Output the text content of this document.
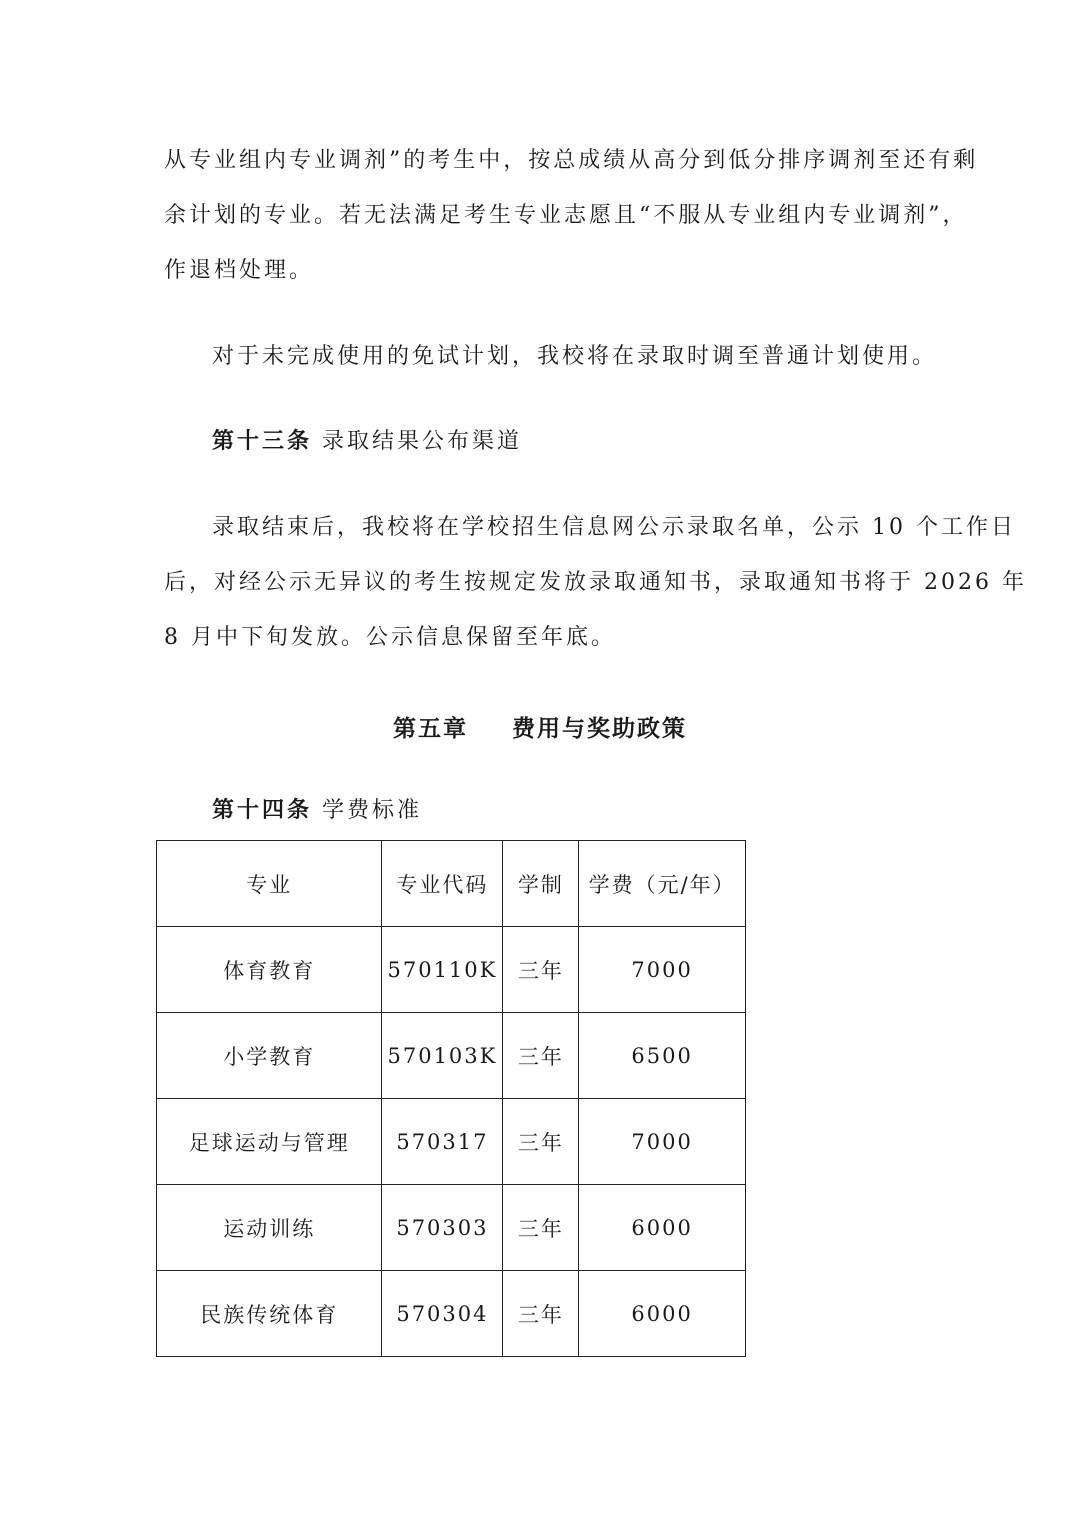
从专业组内专业调剂”的考生中，按总成绩从高分到低分排序调剂至还有剩
余计划的专业。若无法满足考生专业志愿且“不服从专业组内专业调剂”，
作退档处理。
对于未完成使用的免试计划，我校将在录取时调至普通计划使用。
第十三条 录取结果公布渠道
录取结束后，我校将在学校招生信息网公示录取名单，公示 10 个工作日
后，对经公示无异议的考生按规定发放录取通知书，录取通知书将于 2026 年
8 月中下旬发放。公示信息保留至年底。
第五章 费用与奖助政策
第十四条 学费标准
专业	专业代码	学制	学费（元/年）
体育教育	570110K	三年	7000
小学教育	570103K	三年	6500
足球运动与管理	570317	三年	7000
运动训练	570303	三年	6000
民族传统体育	570304	三年	6000
